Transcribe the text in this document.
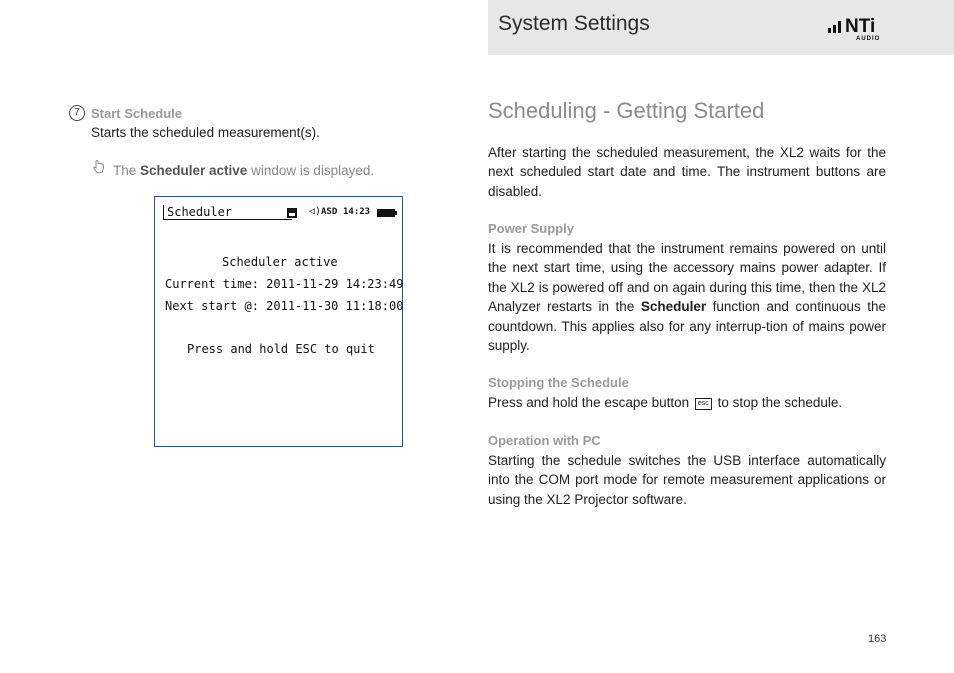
System Settings	NTi
AUDIO
7 Start Schedule
Starts the scheduled measurement(s).
The Scheduler active window is displayed.
Scheduler	◁) ASD 14:23
Scheduler active
Current time: 2011-11-29 14:23:49
Next start @: 2011-11-30 11:18:00
Press and hold ESC to quit
Scheduling - Getting Started
After starting the scheduled measurement, the XL2 waits for the next scheduled start date and time. The instrument buttons are disabled.
Power Supply
It is recommended that the instrument remains powered on until the next start time, using the accessory mains power adapter. If the XL2 is powered off and on again during this time, then the XL2 Analyzer restarts in the Scheduler function and continuous the countdown. This applies also for any interrup-tion of mains power supply.
Stopping the Schedule
Press and hold the escape button esc to stop the schedule.
Operation with PC
Starting the schedule switches the USB interface automatically into the COM port mode for remote measurement applications or using the XL2 Projector software.
163
